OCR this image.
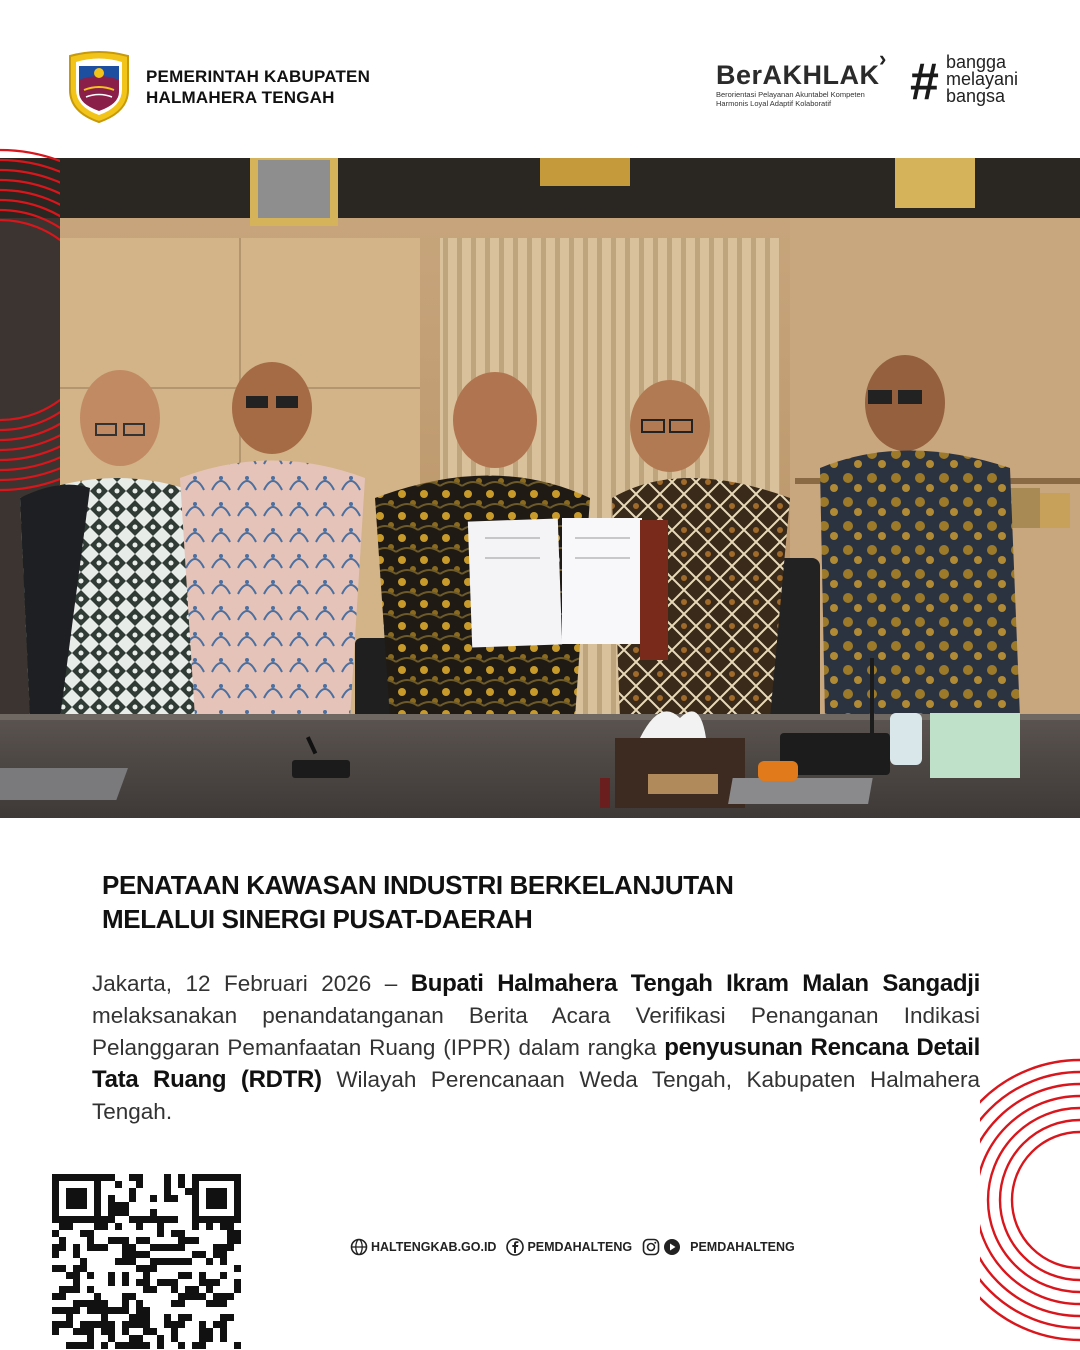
PEMERINTAH KABUPATEN
HALMAHERA TENGAH
BerAKHLAK
›
Berorientasi Pelayanan Akuntabel Kompeten
Harmonis Loyal Adaptif Kolaboratif	# bangga
melayani
bangsa
PENATAAN KAWASAN INDUSTRI BERKELANJUTAN
MELALUI SINERGI PUSAT-DAERAH
Jakarta, 12 Februari 2026 – Bupati Halmahera Tengah Ikram Malan Sangadji melaksanakan penandatanganan Berita Acara Verifikasi Penanganan Indikasi Pelanggaran Pemanfaatan Ruang (IPPR) dalam rangka penyusunan Rencana Detail Tata Ruang (RDTR) Wilayah Perencanaan Weda Tengah, Kabupaten Halmahera Tengah.
HALTENGKAB.GO.ID PEMDAHALTENG	PEMDAHALTENG
